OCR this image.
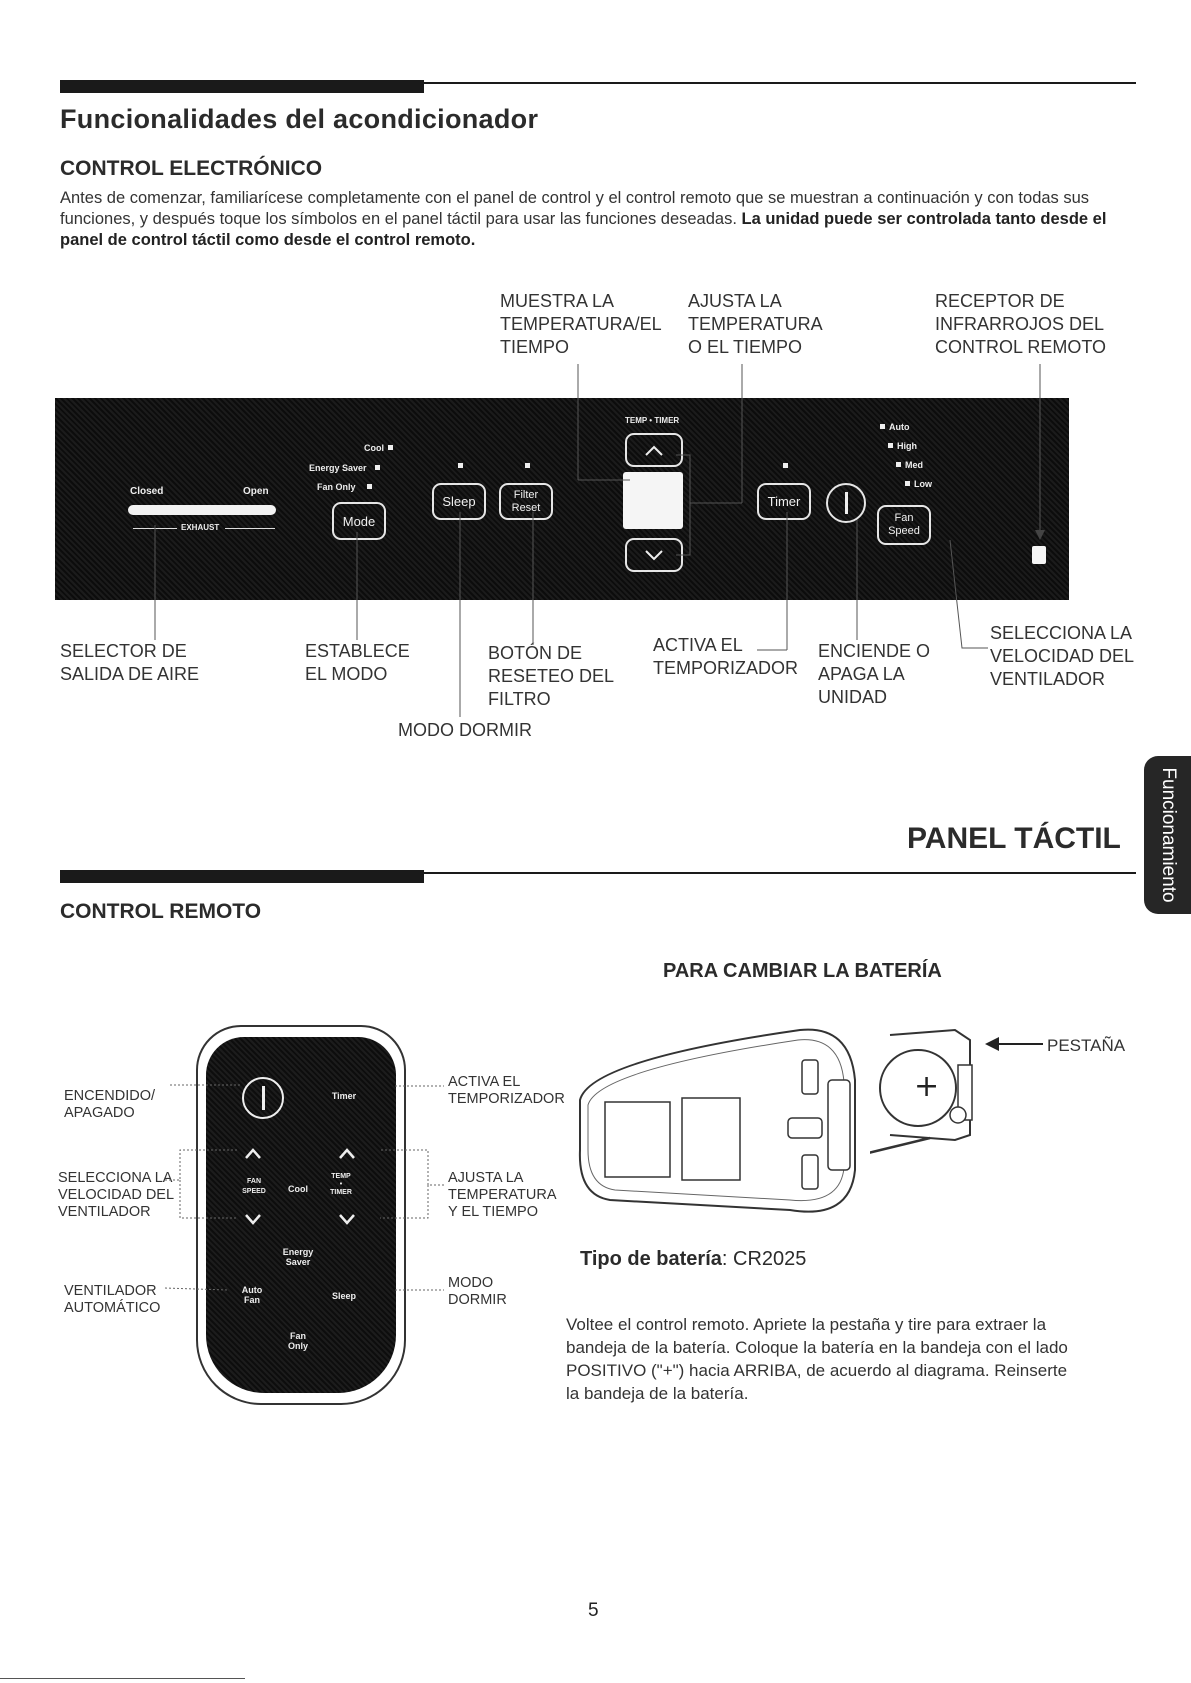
Funcionalidades del acondicionador
CONTROL ELECTRÓNICO

Antes de comenzar, familiarícese completamente con el panel de control y el control remoto que se muestran a continuación y con todas sus funciones, y después toque los símbolos en el panel táctil para usar las funciones deseadas. La unidad puede ser controlada tanto desde el panel de control táctil como desde el control remoto.

MUESTRA LA
TEMPERATURA/EL
TIEMPO
AJUSTA LA
TEMPERATURA
O EL TIEMPO
RECEPTOR DE
INFRARROJOS DEL
CONTROL REMOTO
Closed	Open
EXHAUST
Cool
Energy Saver
Fan Only
Mode
Sleep	Filter
Reset
TEMP • TIMER
Timer
Auto
High
Med
Low
Fan
Speed
SELECTOR DE
SALIDA DE AIRE
ESTABLECE
EL MODO
BOTÓN DE
RESETEO DEL
FILTRO
MODO DORMIR
ACTIVA EL
TEMPORIZADOR
ENCIENDE O
APAGA LA
UNIDAD
SELECCIONA LA
VELOCIDAD DEL
VENTILADOR
PANEL TÁCTIL Funcionamiento
CONTROL REMOTO
Timer
FAN
SPEED	Cool
TEMP
•
TIMER
Energy
Saver
Auto
Fan	Sleep
Fan
Only
ENCENDIDO/
APAGADO
SELECCIONA LA
VELOCIDAD DEL
VENTILADOR
VENTILADOR
AUTOMÁTICO
ACTIVA EL
TEMPORIZADOR
AJUSTA LA
TEMPERATURA
Y EL TIEMPO
MODO
DORMIR
PARA CAMBIAR LA BATERÍA
+
PESTAÑA
Tipo de batería: CR2025

Voltee el control remoto. Apriete la pestaña y tire para extraer la bandeja de la batería. Coloque la batería en la bandeja con el lado POSITIVO ("+") hacia ARRIBA, de acuerdo al diagrama. Reinserte la bandeja de la batería.

5
